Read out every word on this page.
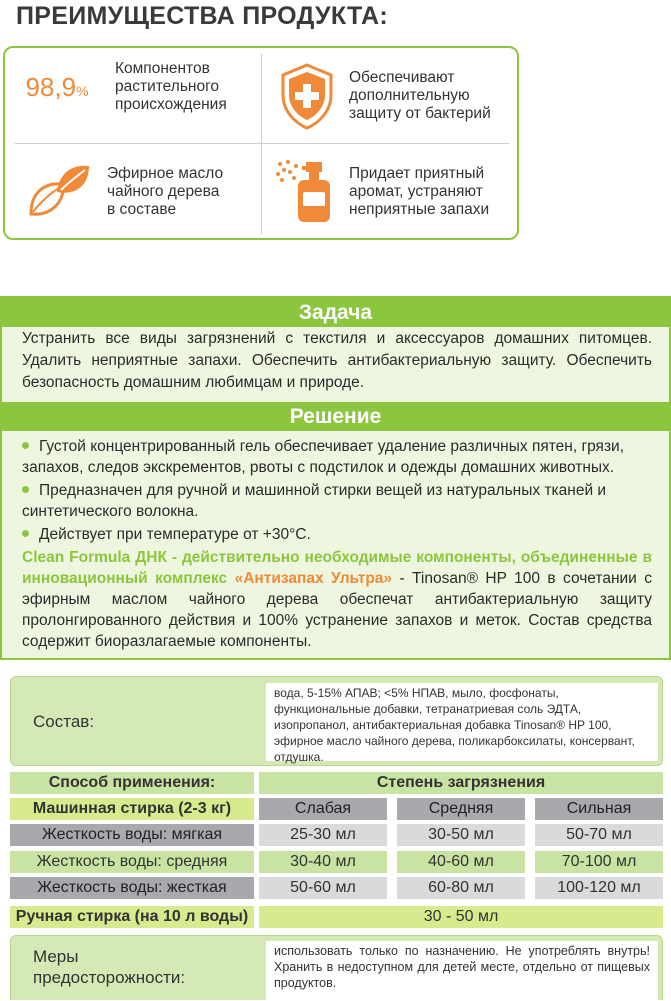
ПРЕИМУЩЕСТВА ПРОДУКТА:
98,9%
Компонентов
растительного
происхождения
Обеспечивают
дополнительную
защиту от бактерий
Эфирное масло
чайного дерева
в составе
Придает приятный
аромат, устраняют
неприятные запахи
Задача
Устранить все виды загрязнений с текстиля и аксессуаров домашних питомцев. Удалить неприятные запахи. Обеспечить антибактериальную защиту. Обеспечить безопасность домашним любимцам и природе.
Решение
Густой концентрированный гель обеспечивает удаление различных пятен, грязи, запахов, следов экскрементов, рвоты с подстилок и одежды домашних животных.
Предназначен для ручной и машинной стирки вещей из натуральных тканей и синтетического волокна.
Действует при температуре от +30°С.
Clean Formula ДНК - действительно необходимые компоненты, объединенные в инновационный комплекс «Антизапах Ультра» - Tinosan® HP 100 в сочетании с эфирным маслом чайного дерева обеспечат антибактериальную защиту пролонгированного действия и 100% устранение запахов и меток. Состав средства содержит биоразлагаемые компоненты.
Состав:
вода, 5-15% АПАВ; <5% НПАВ, мыло, фосфонаты, функциональные добавки, тетранатриевая соль ЭДТА, изопропанол, антибактериальная добавка Tinosan® HP 100, эфирное масло чайного дерева, поликарбоксилаты, консервант, отдушка.
Способ применения:	Степень загрязнения
Машинная стирка (2-3 кг)	Слабая	Средняя	Сильная
Жесткость воды: мягкая	25-30 мл	30-50 мл	50-70 мл
Жесткость воды: средняя	30-40 мл	40-60 мл	70-100 мл
Жесткость воды: жесткая	50-60 мл	60-80 мл	100-120 мл
Ручная стирка (на 10 л воды)	30 - 50 мл
Меры предосторожности:
использовать только по назначению. Не употреблять внутрь! Хранить в недоступном для детей месте, отдельно от пищевых продуктов.
